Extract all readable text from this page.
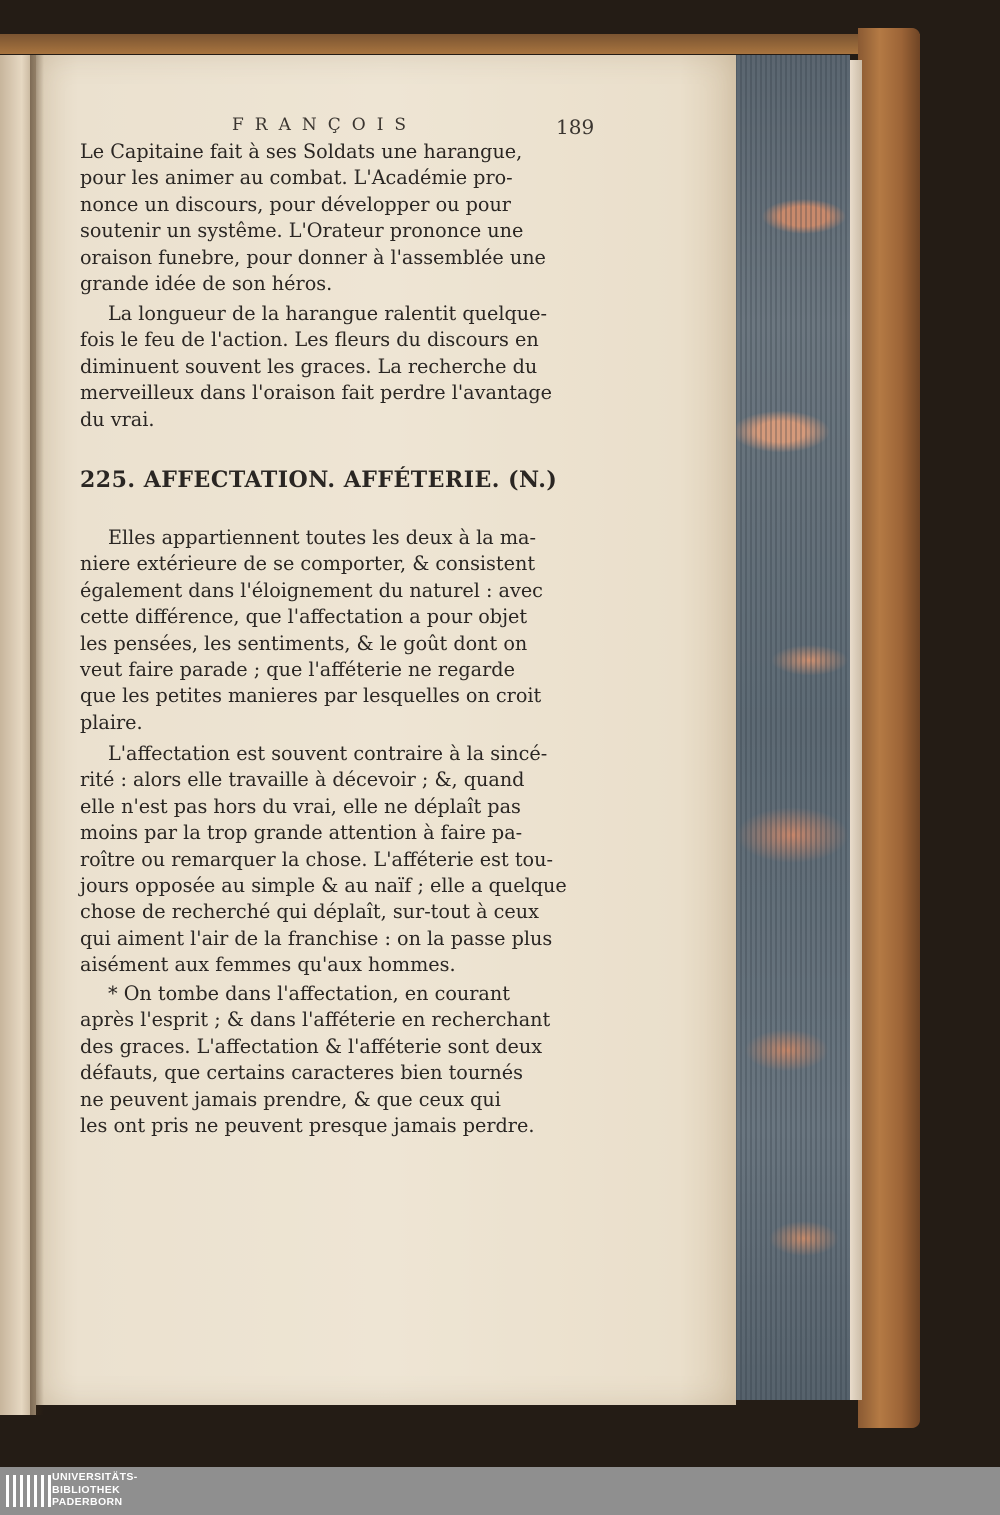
FRANÇOIS	189
Le Capitaine fait à ses Soldats une harangue,
pour les animer au combat. L'Académie pro-
nonce un discours, pour développer ou pour
soutenir un systême. L'Orateur prononce une
oraison funebre, pour donner à l'assemblée une
grande idée de son héros.
La longueur de la harangue ralentit quelque-
fois le feu de l'action. Les fleurs du discours en
diminuent souvent les graces. La recherche du
merveilleux dans l'oraison fait perdre l'avantage
du vrai.
225. AFFECTATION. AFFÉTERIE. (N.)
Elles appartiennent toutes les deux à la ma-
niere extérieure de se comporter, & consistent
également dans l'éloignement du naturel : avec
cette différence, que l'affectation a pour objet
les pensées, les sentiments, & le goût dont on
veut faire parade ; que l'afféterie ne regarde
que les petites manieres par lesquelles on croit
plaire.
L'affectation est souvent contraire à la sincé-
rité : alors elle travaille à décevoir ; &, quand
elle n'est pas hors du vrai, elle ne déplaît pas
moins par la trop grande attention à faire pa-
roître ou remarquer la chose. L'afféterie est tou-
jours opposée au simple & au naïf ; elle a quelque
chose de recherché qui déplaît, sur-tout à ceux
qui aiment l'air de la franchise : on la passe plus
aisément aux femmes qu'aux hommes.
* On tombe dans l'affectation, en courant
après l'esprit ; & dans l'afféterie en recherchant
des graces. L'affectation & l'afféterie sont deux
défauts, que certains caracteres bien tournés
ne peuvent jamais prendre, & que ceux qui
les ont pris ne peuvent presque jamais perdre.
UNIVERSITÄTS-
BIBLIOTHEK
PADERBORN
